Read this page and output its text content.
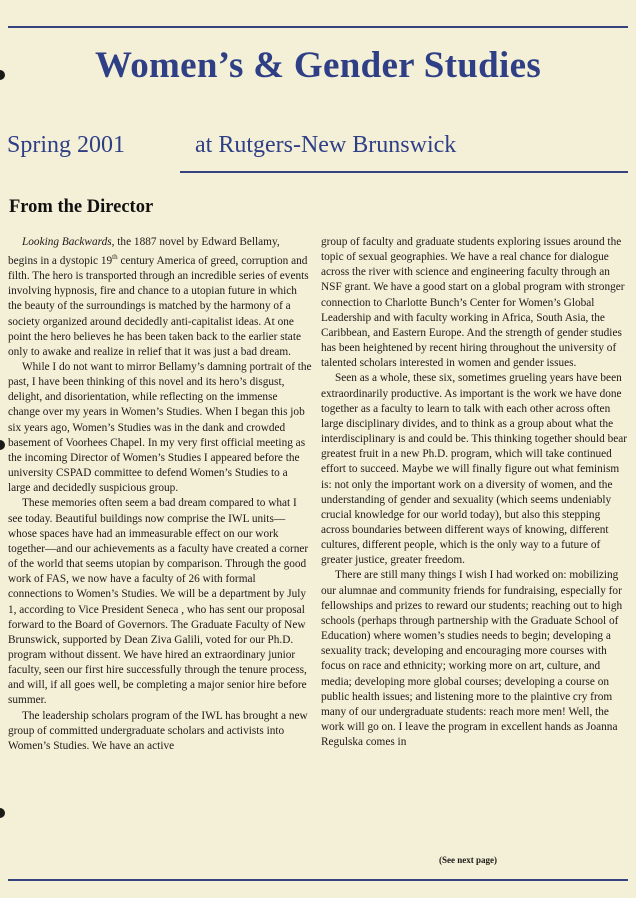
Women’s & Gender Studies
Spring 2001	at Rutgers-New Brunswick
From the Director

Looking Backwards, the 1887 novel by Edward Bellamy, begins in a dystopic 19th century America of greed, corruption and filth. The hero is transported through an incredible series of events involving hypnosis, fire and chance to a utopian future in which the beauty of the surroundings is matched by the harmony of a society organized around decidedly anti-capitalist ideas. At one point the hero believes he has been taken back to the earlier state only to awake and realize in relief that it was just a bad dream.

While I do not want to mirror Bellamy’s damning portrait of the past, I have been thinking of this novel and its hero’s disgust, delight, and disorientation, while reflecting on the immense change over my years in Women’s Studies. When I began this job six years ago, Women’s Studies was in the dank and crowded basement of Voorhees Chapel. In my very first official meeting as the incoming Director of Women’s Studies I appeared before the university CSPAD committee to defend Women’s Studies to a large and decidedly suspicious group.

These memories often seem a bad dream compared to what I see today. Beautiful buildings now comprise the IWL units—whose spaces have had an immeasurable effect on our work together—and our achievements as a faculty have created a corner of the world that seems utopian by comparison. Through the good work of FAS, we now have a faculty of 26 with formal connections to Women’s Studies. We will be a department by July 1, according to Vice President Seneca , who has sent our proposal forward to the Board of Governors. The Graduate Faculty of New Brunswick, supported by Dean Ziva Galili, voted for our Ph.D. program without dissent. We have hired an extraordinary junior faculty, seen our first hire successfully through the tenure process, and will, if all goes well, be completing a major senior hire before summer.

The leadership scholars program of the IWL has brought a new group of committed undergraduate scholars and activists into Women’s Studies. We have an active

group of faculty and graduate students exploring issues around the topic of sexual geographies. We have a real chance for dialogue across the river with science and engineering faculty through an NSF grant. We have a good start on a global program with stronger connection to Charlotte Bunch’s Center for Women’s Global Leadership and with faculty working in Africa, South Asia, the Caribbean, and Eastern Europe. And the strength of gender studies has been heightened by recent hiring throughout the university of talented scholars interested in women and gender issues.

Seen as a whole, these six, sometimes grueling years have been extraordinarily productive. As important is the work we have done together as a faculty to learn to talk with each other across often large disciplinary divides, and to think as a group about what the interdisciplinary is and could be. This thinking together should bear greatest fruit in a new Ph.D. program, which will take continued effort to succeed. Maybe we will finally figure out what feminism is: not only the important work on a diversity of women, and the understanding of gender and sexuality (which seems undeniably crucial knowledge for our world today), but also this stepping across boundaries between different ways of knowing, different cultures, different people, which is the only way to a future of greater justice, greater freedom.

There are still many things I wish I had worked on: mobilizing our alumnae and community friends for fundraising, especially for fellowships and prizes to reward our students; reaching out to high schools (perhaps through partnership with the Graduate School of Education) where women’s studies needs to begin; developing a sexuality track; developing and encouraging more courses with focus on race and ethnicity; working more on art, culture, and media; developing more global courses; developing a course on public health issues; and listening more to the plaintive cry from many of our undergraduate students: reach more men! Well, the work will go on. I leave the program in excellent hands as Joanna Regulska comes in

(See next page)
